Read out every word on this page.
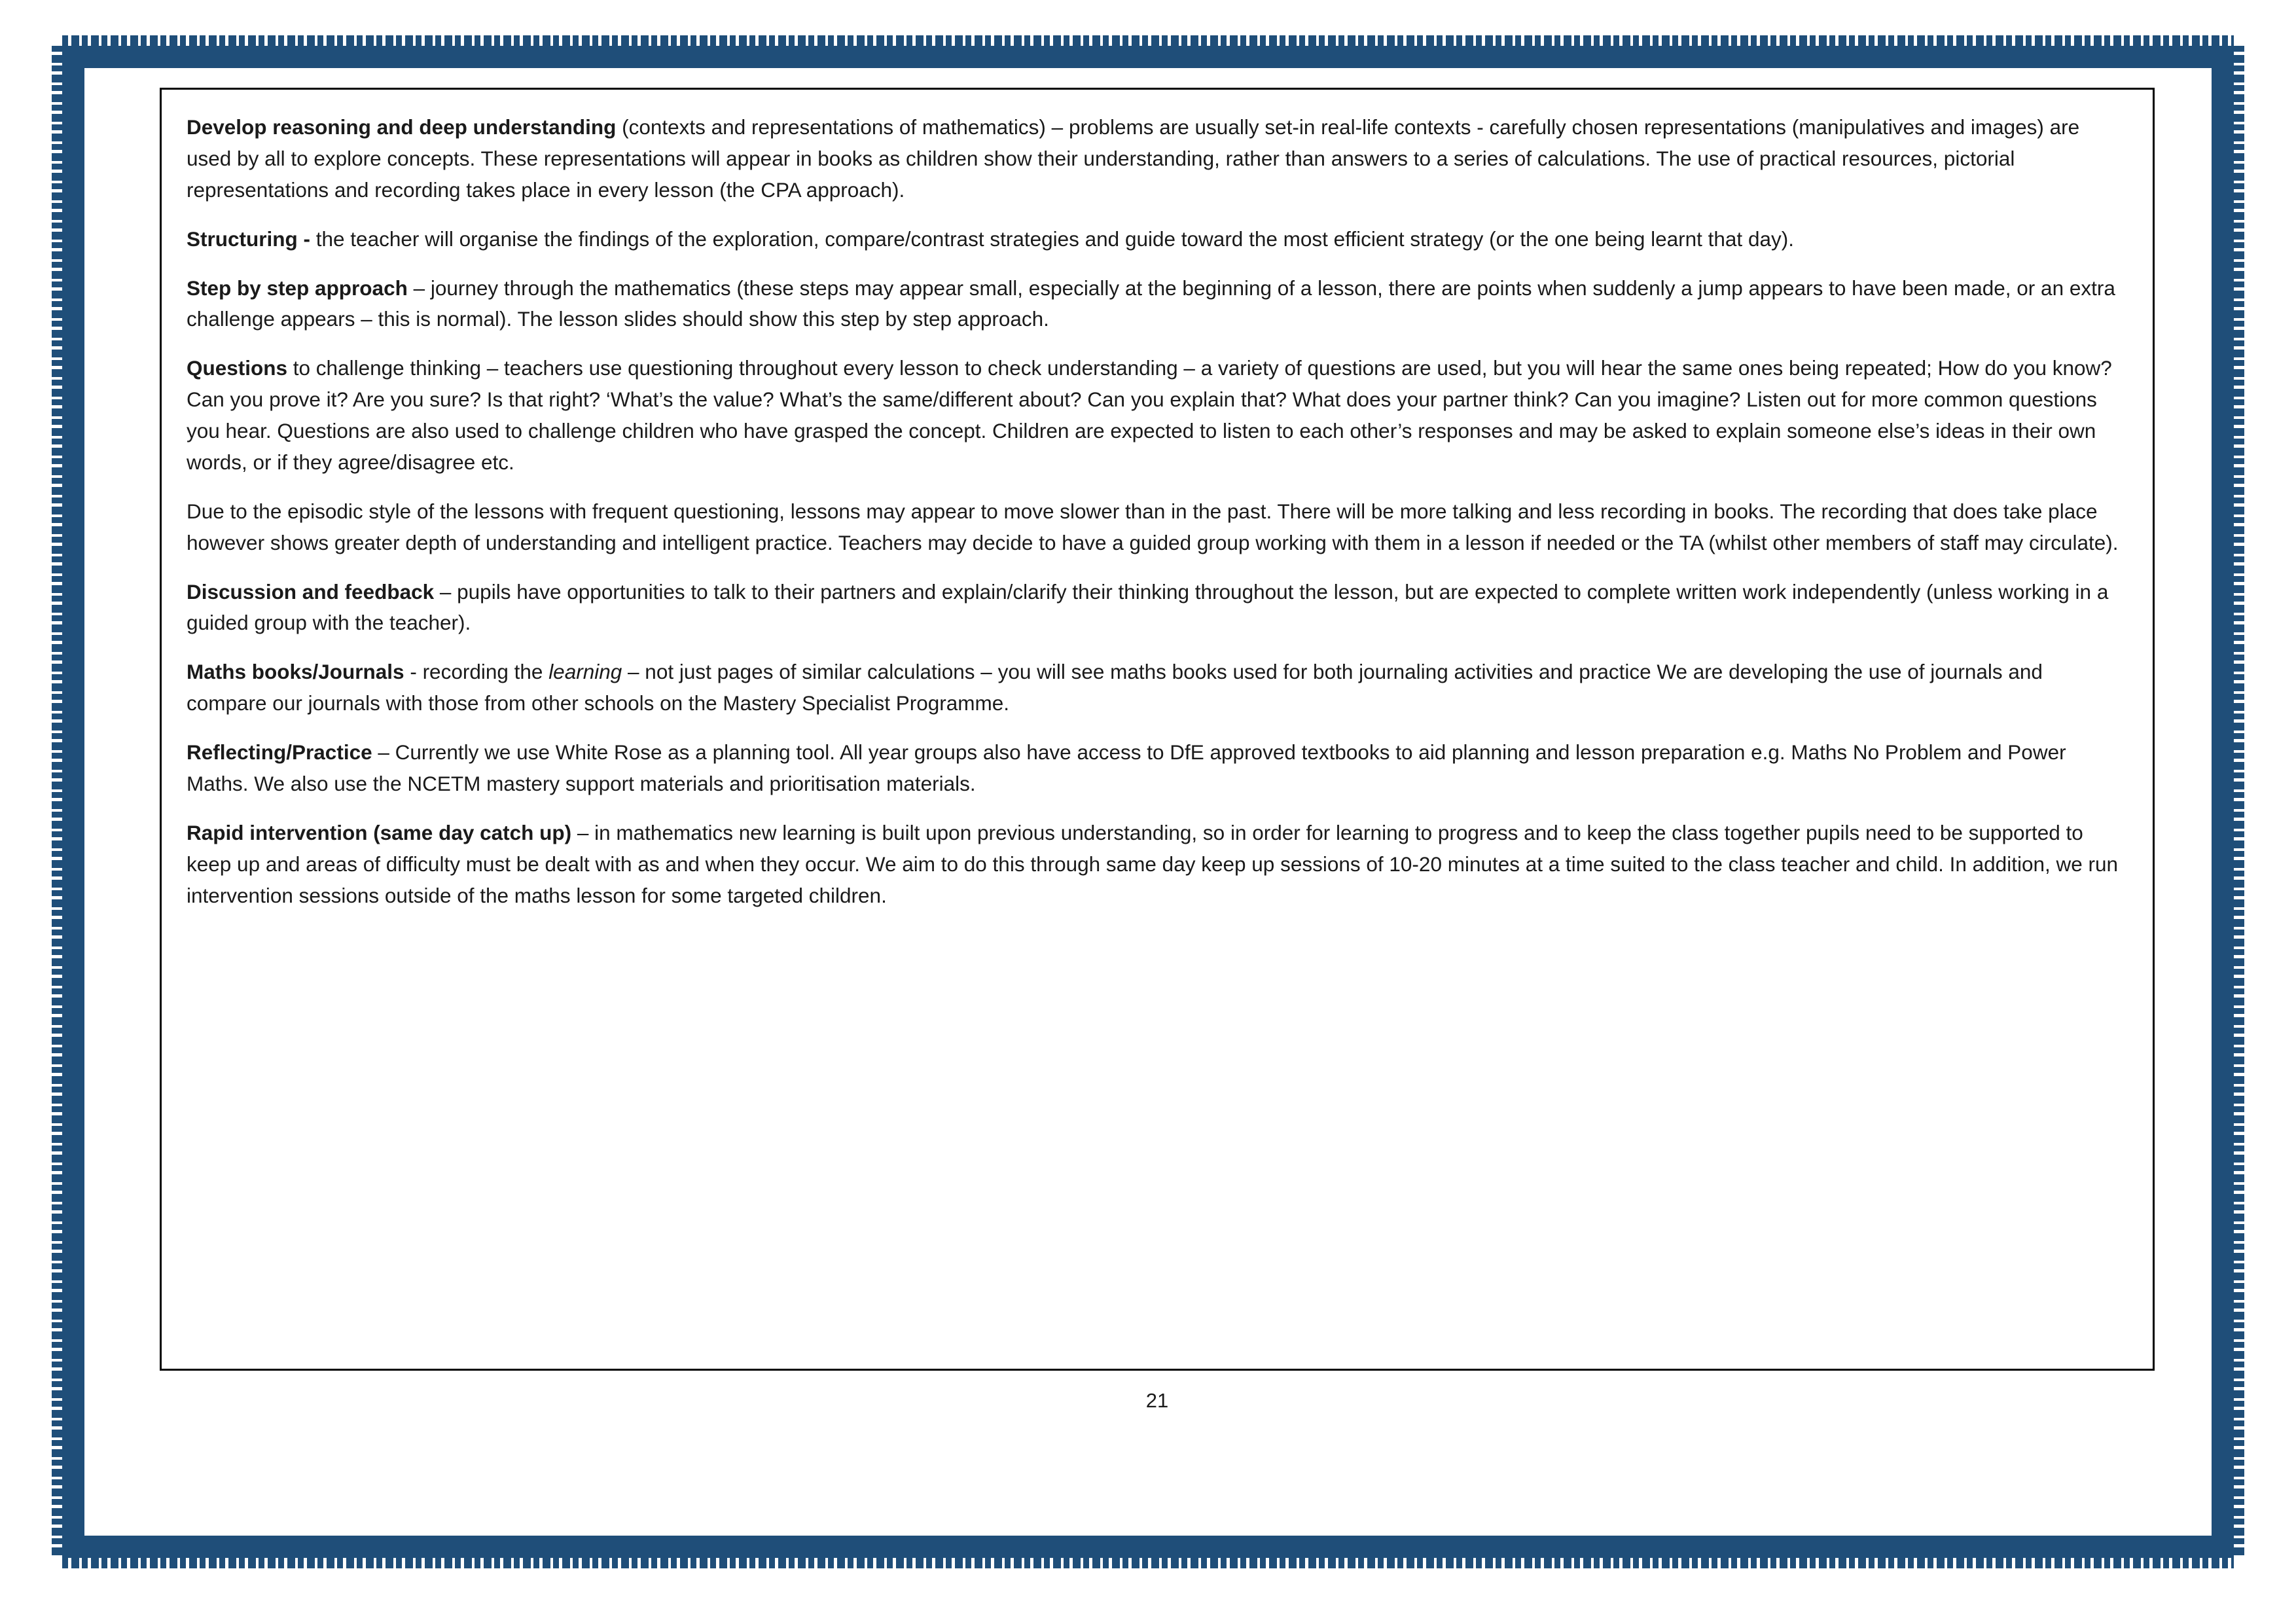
Develop reasoning and deep understanding (contexts and representations of mathematics) – problems are usually set-in real-life contexts - carefully chosen representations (manipulatives and images) are used by all to explore concepts. These representations will appear in books as children show their understanding, rather than answers to a series of calculations. The use of practical resources, pictorial representations and recording takes place in every lesson (the CPA approach).

Structuring - the teacher will organise the findings of the exploration, compare/contrast strategies and guide toward the most efficient strategy (or the one being learnt that day).

Step by step approach – journey through the mathematics (these steps may appear small, especially at the beginning of a lesson, there are points when suddenly a jump appears to have been made, or an extra challenge appears – this is normal). The lesson slides should show this step by step approach.

Questions to challenge thinking – teachers use questioning throughout every lesson to check understanding – a variety of questions are used, but you will hear the same ones being repeated; How do you know? Can you prove it? Are you sure? Is that right? ‘What’s the value? What’s the same/different about? Can you explain that? What does your partner think? Can you imagine? Listen out for more common questions you hear. Questions are also used to challenge children who have grasped the concept. Children are expected to listen to each other’s responses and may be asked to explain someone else’s ideas in their own words, or if they agree/disagree etc.

Due to the episodic style of the lessons with frequent questioning, lessons may appear to move slower than in the past. There will be more talking and less recording in books. The recording that does take place however shows greater depth of understanding and intelligent practice. Teachers may decide to have a guided group working with them in a lesson if needed or the TA (whilst other members of staff may circulate).

Discussion and feedback – pupils have opportunities to talk to their partners and explain/clarify their thinking throughout the lesson, but are expected to complete written work independently (unless working in a guided group with the teacher).

Maths books/Journals - recording the learning – not just pages of similar calculations – you will see maths books used for both journaling activities and practice We are developing the use of journals and compare our journals with those from other schools on the Mastery Specialist Programme.

Reflecting/Practice – Currently we use White Rose as a planning tool. All year groups also have access to DfE approved textbooks to aid planning and lesson preparation e.g. Maths No Problem and Power Maths. We also use the NCETM mastery support materials and prioritisation materials.

Rapid intervention (same day catch up) – in mathematics new learning is built upon previous understanding, so in order for learning to progress and to keep the class together pupils need to be supported to keep up and areas of difficulty must be dealt with as and when they occur. We aim to do this through same day keep up sessions of 10-20 minutes at a time suited to the class teacher and child. In addition, we run intervention sessions outside of the maths lesson for some targeted children.

21
